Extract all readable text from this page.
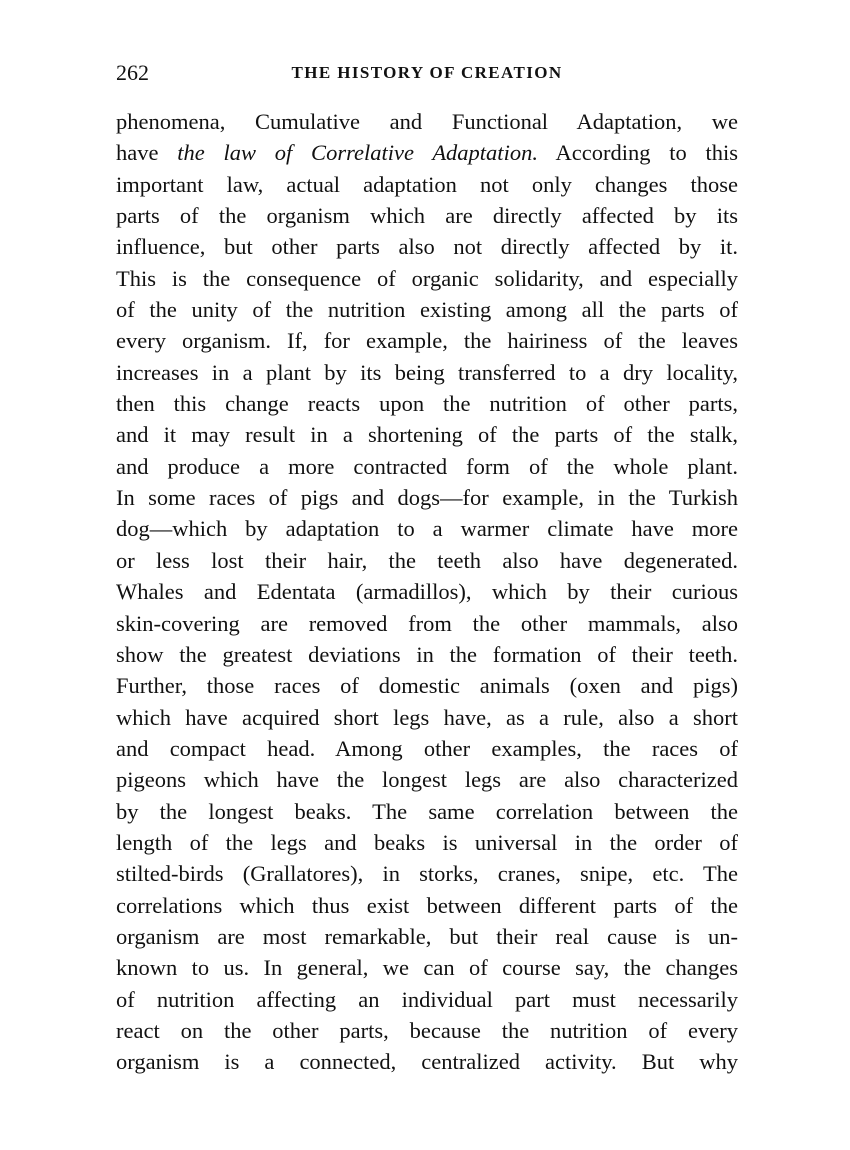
262	THE HISTORY OF CREATION
phenomena, Cumulative and Functional Adaptation, we
have the law of Correlative Adaptation. According to this
important law, actual adaptation not only changes those
parts of the organism which are directly affected by its
influence, but other parts also not directly affected by it.
This is the consequence of organic solidarity, and especially
of the unity of the nutrition existing among all the parts of
every organism. If, for example, the hairiness of the leaves
increases in a plant by its being transferred to a dry locality,
then this change reacts upon the nutrition of other parts,
and it may result in a shortening of the parts of the stalk,
and produce a more contracted form of the whole plant.
In some races of pigs and dogs—for example, in the Turkish
dog—which by adaptation to a warmer climate have more
or less lost their hair, the teeth also have degenerated.
Whales and Edentata (armadillos), which by their curious
skin-covering are removed from the other mammals, also
show the greatest deviations in the formation of their teeth.
Further, those races of domestic animals (oxen and pigs)
which have acquired short legs have, as a rule, also a short
and compact head. Among other examples, the races of
pigeons which have the longest legs are also characterized
by the longest beaks. The same correlation between the
length of the legs and beaks is universal in the order of
stilted-birds (Grallatores), in storks, cranes, snipe, etc. The
correlations which thus exist between different parts of the
organism are most remarkable, but their real cause is un-
known to us. In general, we can of course say, the changes
of nutrition affecting an individual part must necessarily
react on the other parts, because the nutrition of every
organism is a connected, centralized activity. But why
